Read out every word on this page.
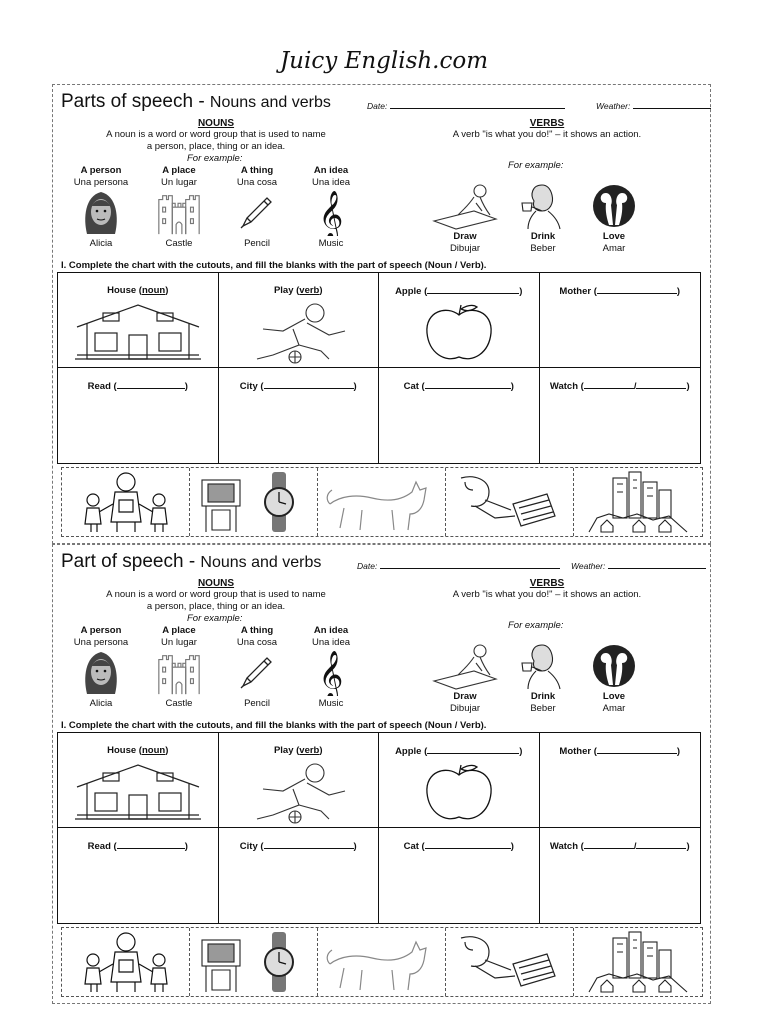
Juicy English.com
Parts of speech - Nouns and verbs	Date:	Weather:
NOUNS
A noun is a word or word group that is used to name
a person, place, thing or an idea.
For example:
VERBS
A verb "is what you do!" – it shows an action.
For example:
A person
Una persona
Alicia
A place
Un lugar
Castle
A thing
Una cosa
Pencil
An idea
Una idea
Music
Draw
Dibujar
Drink
Beber
Love
Amar
I. Complete the chart with the cutouts, and fill the blanks with the part of speech (Noun / Verb).
House (noun)	Play (verb)	Apple (	)	Mother (	)
Read (	)	City (	)	Cat (	)	Watch (	/	)
Part of speech - Nouns and verbs	Date:	Weather:
NOUNS
A noun is a word or word group that is used to name
a person, place, thing or an idea.
For example:
VERBS
A verb "is what you do!" – it shows an action.
For example:
A person
Una persona
Alicia
A place
Un lugar
Castle
A thing
Una cosa
Pencil
An idea
Una idea
Music
Draw
Dibujar
Drink
Beber
Love
Amar
I. Complete the chart with the cutouts, and fill the blanks with the part of speech (Noun / Verb).
House (noun)	Play (verb)	Apple (	)	Mother (	)
Read (	)	City (	)	Cat (	)	Watch (	/	)
